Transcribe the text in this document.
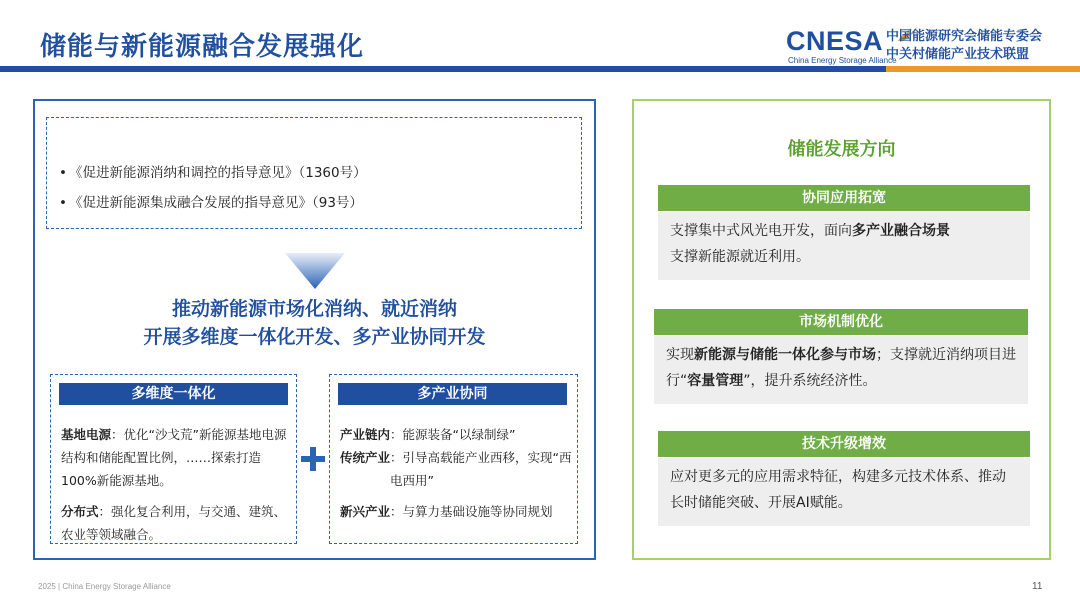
储能与新能源融合发展强化	CNESA
China Energy Storage Alliance
中国能源研究会储能专委会
中关村储能产业技术联盟
• 《促进新能源消纳和调控的指导意见》（1360号）
• 《促进新能源集成融合发展的指导意见》（93号）
推动新能源市场化消纳、就近消纳
开展多维度一体化开发、多产业协同开发
多维度一体化
基地电源：优化“沙戈荒”新能源基地电源结构和储能配置比例，……探索打造100%新能源基地。
分布式：强化复合利用，与交通、建筑、农业等领域融合。
多产业协同
产业链内 ：能源装备“以绿制绿”
传统产业 ：引导高载能产业西移，实现“西电西用”
新兴产业 ：与算力基础设施等协同规划
储能发展方向
协同应用拓宽
支撑集中式风光电开发，面向多产业融合场景
支撑新能源就近利用。
市场机制优化
实现新能源与储能一体化参与市场；支撑就近消纳项目进行“容量管理”，提升系统经济性。
技术升级增效
应对更多元的应用需求特征，构建多元技术体系、推动长时储能突破、开展AI赋能。
2025 | China Energy Storage Alliance	11
